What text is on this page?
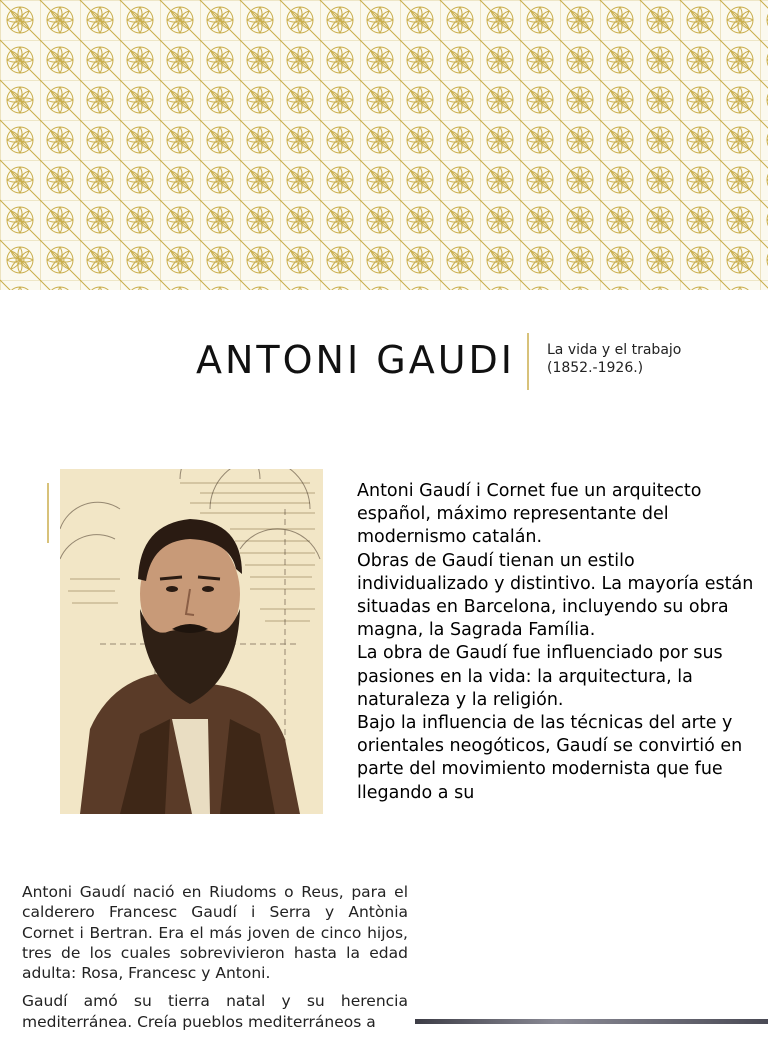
ANTONI GAUDI La vida y el trabajo
(1852.-1926.)

Antoni Gaudí i Cornet fue un arquitecto español, máximo representante del modernismo catalán.

Obras de Gaudí tienan un estilo individualizado y distintivo. La mayoría están situadas en Barcelona, incluyendo su obra magna, la Sagrada Família.

La obra de Gaudí fue influenciado por sus pasiones en la vida: la arquitectura, la naturaleza y la religión.

Bajo la influencia de las técnicas del arte y orientales neogóticos, Gaudí se convirtió en parte del movimiento modernista que fue llegando a su

Antoni Gaudí nació en Riudoms o Reus, para el calderero Francesc Gaudí i Serra y Antònia Cornet i Bertran. Era el más joven de cinco hijos, tres de los cuales sobrevivieron hasta la edad adulta: Rosa, Francesc y Antoni.

Gaudí amó su tierra natal y su herencia mediterránea. Creía pueblos mediterráneos a
